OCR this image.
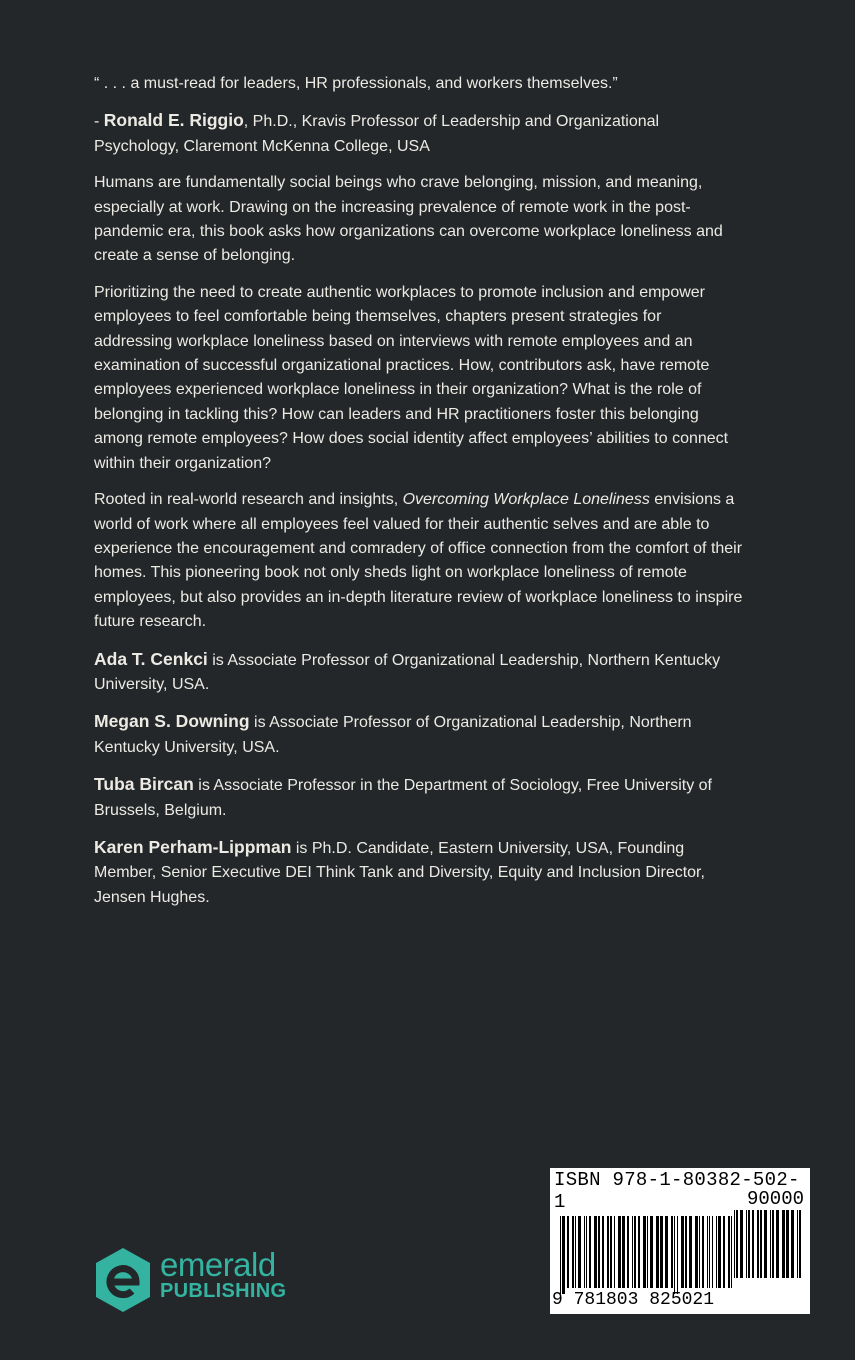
“ . . . a must-read for leaders, HR professionals, and workers themselves.”

- Ronald E. Riggio, Ph.D., Kravis Professor of Leadership and Organizational Psychology, Claremont McKenna College, USA

Humans are fundamentally social beings who crave belonging, mission, and meaning, especially at work. Drawing on the increasing prevalence of remote work in the post-pandemic era, this book asks how organizations can overcome workplace loneliness and create a sense of belonging.

Prioritizing the need to create authentic workplaces to promote inclusion and empower employees to feel comfortable being themselves, chapters present strategies for addressing workplace loneliness based on interviews with remote employees and an examination of successful organizational practices. How, contributors ask, have remote employees experienced workplace loneliness in their organization? What is the role of belonging in tackling this? How can leaders and HR practitioners foster this belonging among remote employees? How does social identity affect employees’ abilities to connect within their organization?

Rooted in real-world research and insights, Overcoming Workplace Loneliness envisions a world of work where all employees feel valued for their authentic selves and are able to experience the encouragement and comradery of office connection from the comfort of their homes. This pioneering book not only sheds light on workplace loneliness of remote employees, but also provides an in-depth literature review of workplace loneliness to inspire future research.

Ada T. Cenkci is Associate Professor of Organizational Leadership, Northern Kentucky University, USA.

Megan S. Downing is Associate Professor of Organizational Leadership, Northern Kentucky University, USA.

Tuba Bircan is Associate Professor in the Department of Sociology, Free University of Brussels, Belgium.

Karen Perham-Lippman is Ph.D. Candidate, Eastern University, USA, Founding Member, Senior Executive DEI Think Tank and Diversity, Equity and Inclusion Director, Jensen Hughes.

emerald
PUBLISHING
ISBN 978-1-80382-502-1	90000
9 781803 825021
